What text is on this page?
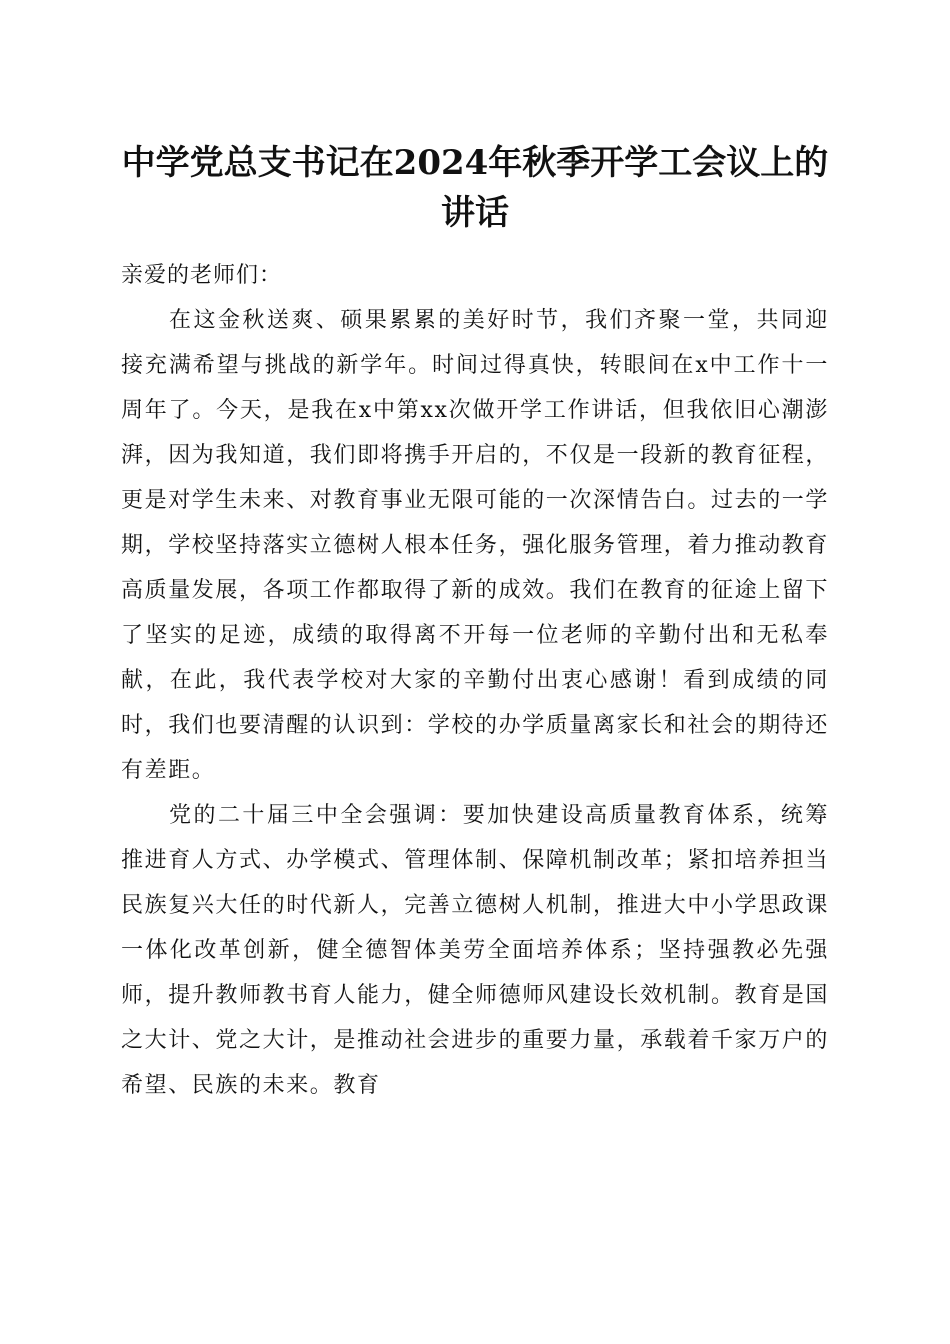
中学党总支书记在2024年秋季开学工会议上的讲话

亲爱的老师们：

在这金秋送爽、硕果累累的美好时节，我们齐聚一堂，共同迎接充满希望与挑战的新学年。时间过得真快，转眼间在x中工作十一周年了。今天，是我在x中第xx次做开学工作讲话，但我依旧心潮澎湃，因为我知道，我们即将携手开启的，不仅是一段新的教育征程，更是对学生未来、对教育事业无限可能的一次深情告白。过去的一学期，学校坚持落实立德树人根本任务，强化服务管理，着力推动教育高质量发展，各项工作都取得了新的成效。我们在教育的征途上留下了坚实的足迹，成绩的取得离不开每一位老师的辛勤付出和无私奉献，在此，我代表学校对大家的辛勤付出衷心感谢！看到成绩的同时，我们也要清醒的认识到：学校的办学质量离家长和社会的期待还有差距。

党的二十届三中全会强调：要加快建设高质量教育体系，统筹推进育人方式、办学模式、管理体制、保障机制改革；紧扣培养担当民族复兴大任的时代新人，完善立德树人机制，推进大中小学思政课一体化改革创新，健全德智体美劳全面培养体系；坚持强教必先强师，提升教师教书育人能力，健全师德师风建设长效机制。教育是国之大计、党之大计，是推动社会进步的重要力量，承载着千家万户的希望、民族的未来。教育
